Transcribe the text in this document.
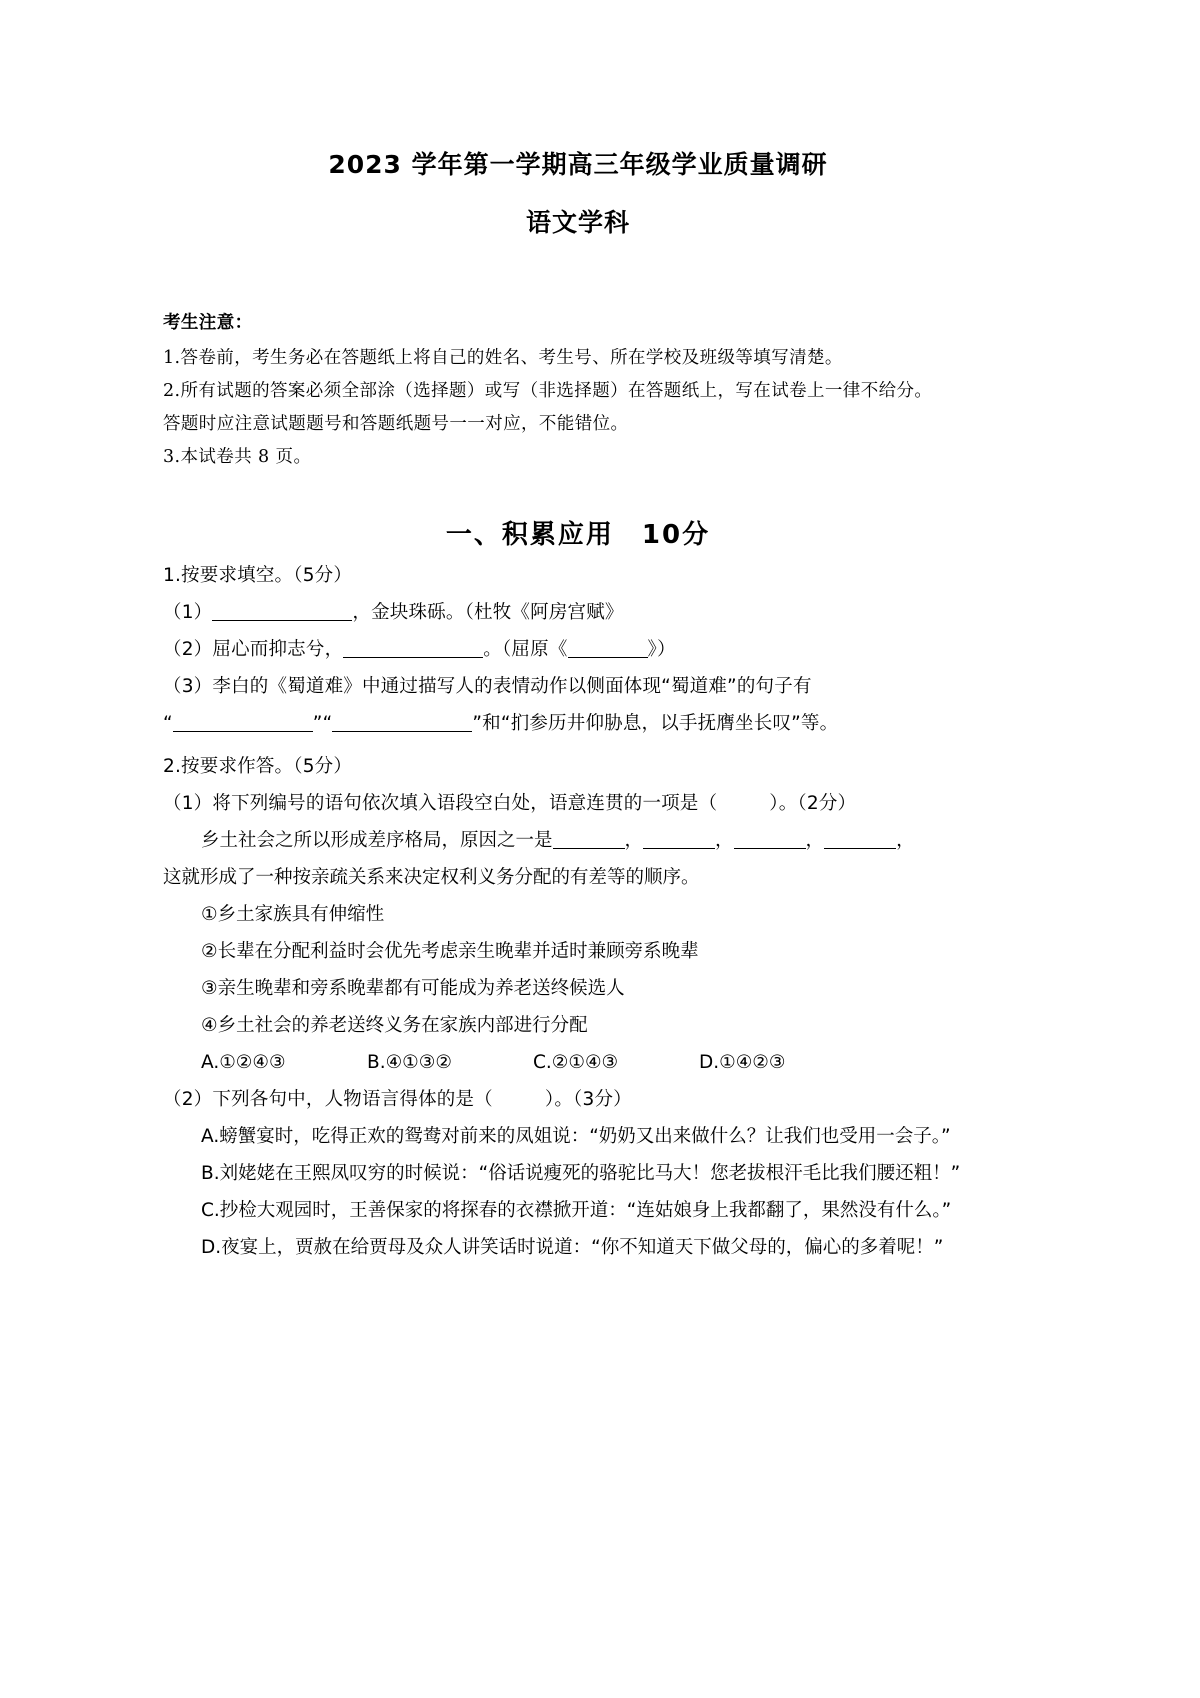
2023 学年第一学期高三年级学业质量调研
语文学科
考生注意：
1.答卷前，考生务必在答题纸上将自己的姓名、考生号、所在学校及班级等填写清楚。
2.所有试题的答案必须全部涂（选择题）或写（非选择题）在答题纸上，写在试卷上一律不给分。
答题时应注意试题题号和答题纸题号一一对应，不能错位。
3.本试卷共 8 页。
一、积累应用　10分
1.按要求填空。（5分）
（1）	，金块珠砾。（杜牧《阿房宫赋》
（2）屈心而抑志兮，	。（屈原《	》）
（3）李白的《蜀道难》中通过描写人的表情动作以侧面体现“蜀道难”的句子有
“	”“	”和“扪参历井仰胁息，以手抚膺坐长叹”等。
2.按要求作答。（5分）
（1）将下列编号的语句依次填入语段空白处，语意连贯的一项是（	）。（2分）
乡土社会之所以形成差序格局，原因之一是	，	，	，	，
这就形成了一种按亲疏关系来决定权利义务分配的有差等的顺序。
①乡土家族具有伸缩性
②长辈在分配利益时会优先考虑亲生晚辈并适时兼顾旁系晚辈
③亲生晚辈和旁系晚辈都有可能成为养老送终候选人
④乡土社会的养老送终义务在家族内部进行分配
A.①②④③	B.④①③②	C.②①④③	D.①④②③
（2）下列各句中，人物语言得体的是（	）。（3分）
A.螃蟹宴时，吃得正欢的鸳鸯对前来的凤姐说：“奶奶又出来做什么？让我们也受用一会子。”
B.刘姥姥在王熙凤叹穷的时候说：“俗话说瘦死的骆驼比马大！您老拔根汗毛比我们腰还粗！”
C.抄检大观园时，王善保家的将探春的衣襟掀开道：“连姑娘身上我都翻了，果然没有什么。”
D.夜宴上，贾赦在给贾母及众人讲笑话时说道：“你不知道天下做父母的，偏心的多着呢！”
